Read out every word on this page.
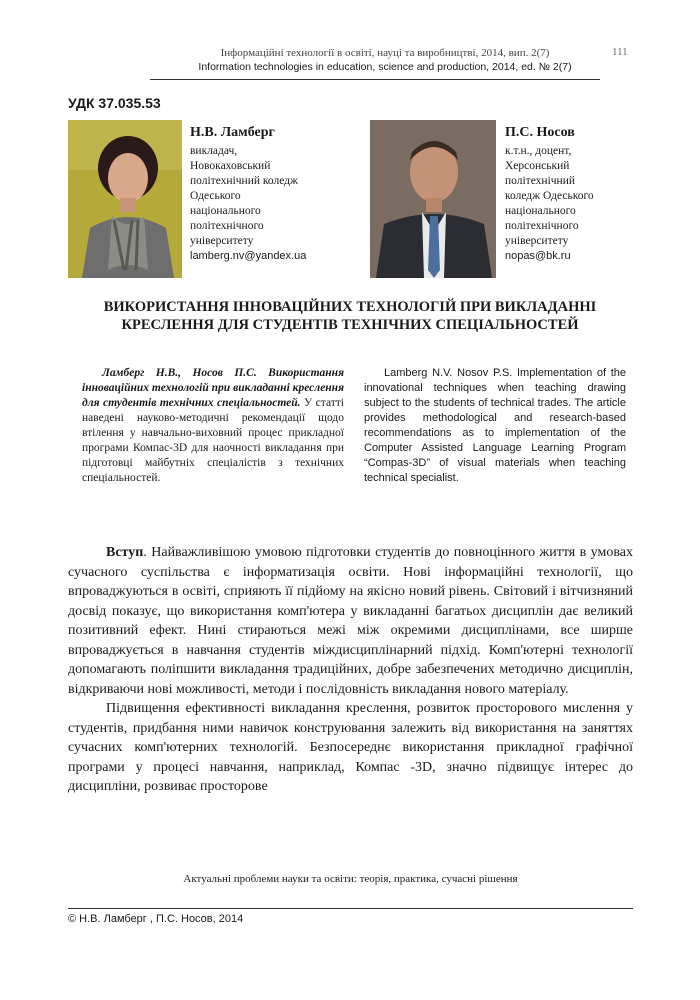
111
Інформаційні технології в освіті, науці та виробництві, 2014, вип. 2(7)
Information technologies in education, science and production, 2014, ed. № 2(7)
УДК 37.035.53
Н.В. Ламберг
викладач,
Новокаховський
політехнічний коледж
Одеського
національного
політехнічного
університету
lamberg.nv@yandex.ua
П.С. Носов
к.т.н., доцент,
Херсонський
політехнічний
коледж Одеського
національного
політехнічного
університету
nopas@bk.ru
ВИКОРИСТАННЯ ІННОВАЦІЙНИХ ТЕХНОЛОГІЙ ПРИ ВИКЛАДАННІ КРЕСЛЕННЯ ДЛЯ СТУДЕНТІВ ТЕХНІЧНИХ СПЕЦІАЛЬНОСТЕЙ

Ламберг Н.В., Носов П.С. Використання інноваційних технологій при викладанні креслення для студентів технічних спеціальностей. У статті наведені науково-методичні рекомендації щодо втілення у навчально-виховний процес прикладної програми Компас-3D для наочності викладання при підготовці майбутніх спеціалістів з технічних спеціальностей.

Lamberg N.V. Nosov P.S. Implementation of the innovational techniques when teaching drawing subject to the students of technical trades. The article provides methodological and research-based recommendations as to implementation of the Computer Assisted Language Learning Program “Compas-3D” of visual materials when teaching technical specialist.

Вступ. Найважливішою умовою підготовки студентів до повноцінного життя в умовах сучасного суспільства є інформатизація освіти. Нові інформаційні технології, що впроваджуються в освіті, сприяють її підйому на якісно новий рівень. Світовий і вітчизняний досвід показує, що використання комп'ютера у викладанні багатьох дисциплін дає великий позитивний ефект. Нині стираються межі між окремими дисциплінами, все ширше впроваджується в навчання студентів міждисциплінарний підхід. Комп'ютерні технології допомагають поліпшити викладання традиційних, добре забезпечених методично дисциплін, відкриваючи нові можливості, методи і послідовність викладання нового матеріалу.

Підвищення ефективності викладання креслення, розвиток просторового мислення у студентів, придбання ними навичок конструювання залежить від використання на заняттях сучасних комп'ютерних технологій. Безпосереднє використання прикладної графічної програми у процесі навчання, наприклад, Компас -3D, значно підвищує інтерес до дисципліни, розвиває просторове

Актуальні проблеми науки та освіти: теорія, практика, сучасні рішення
© Н.В. Ламберг , П.С. Носов, 2014
